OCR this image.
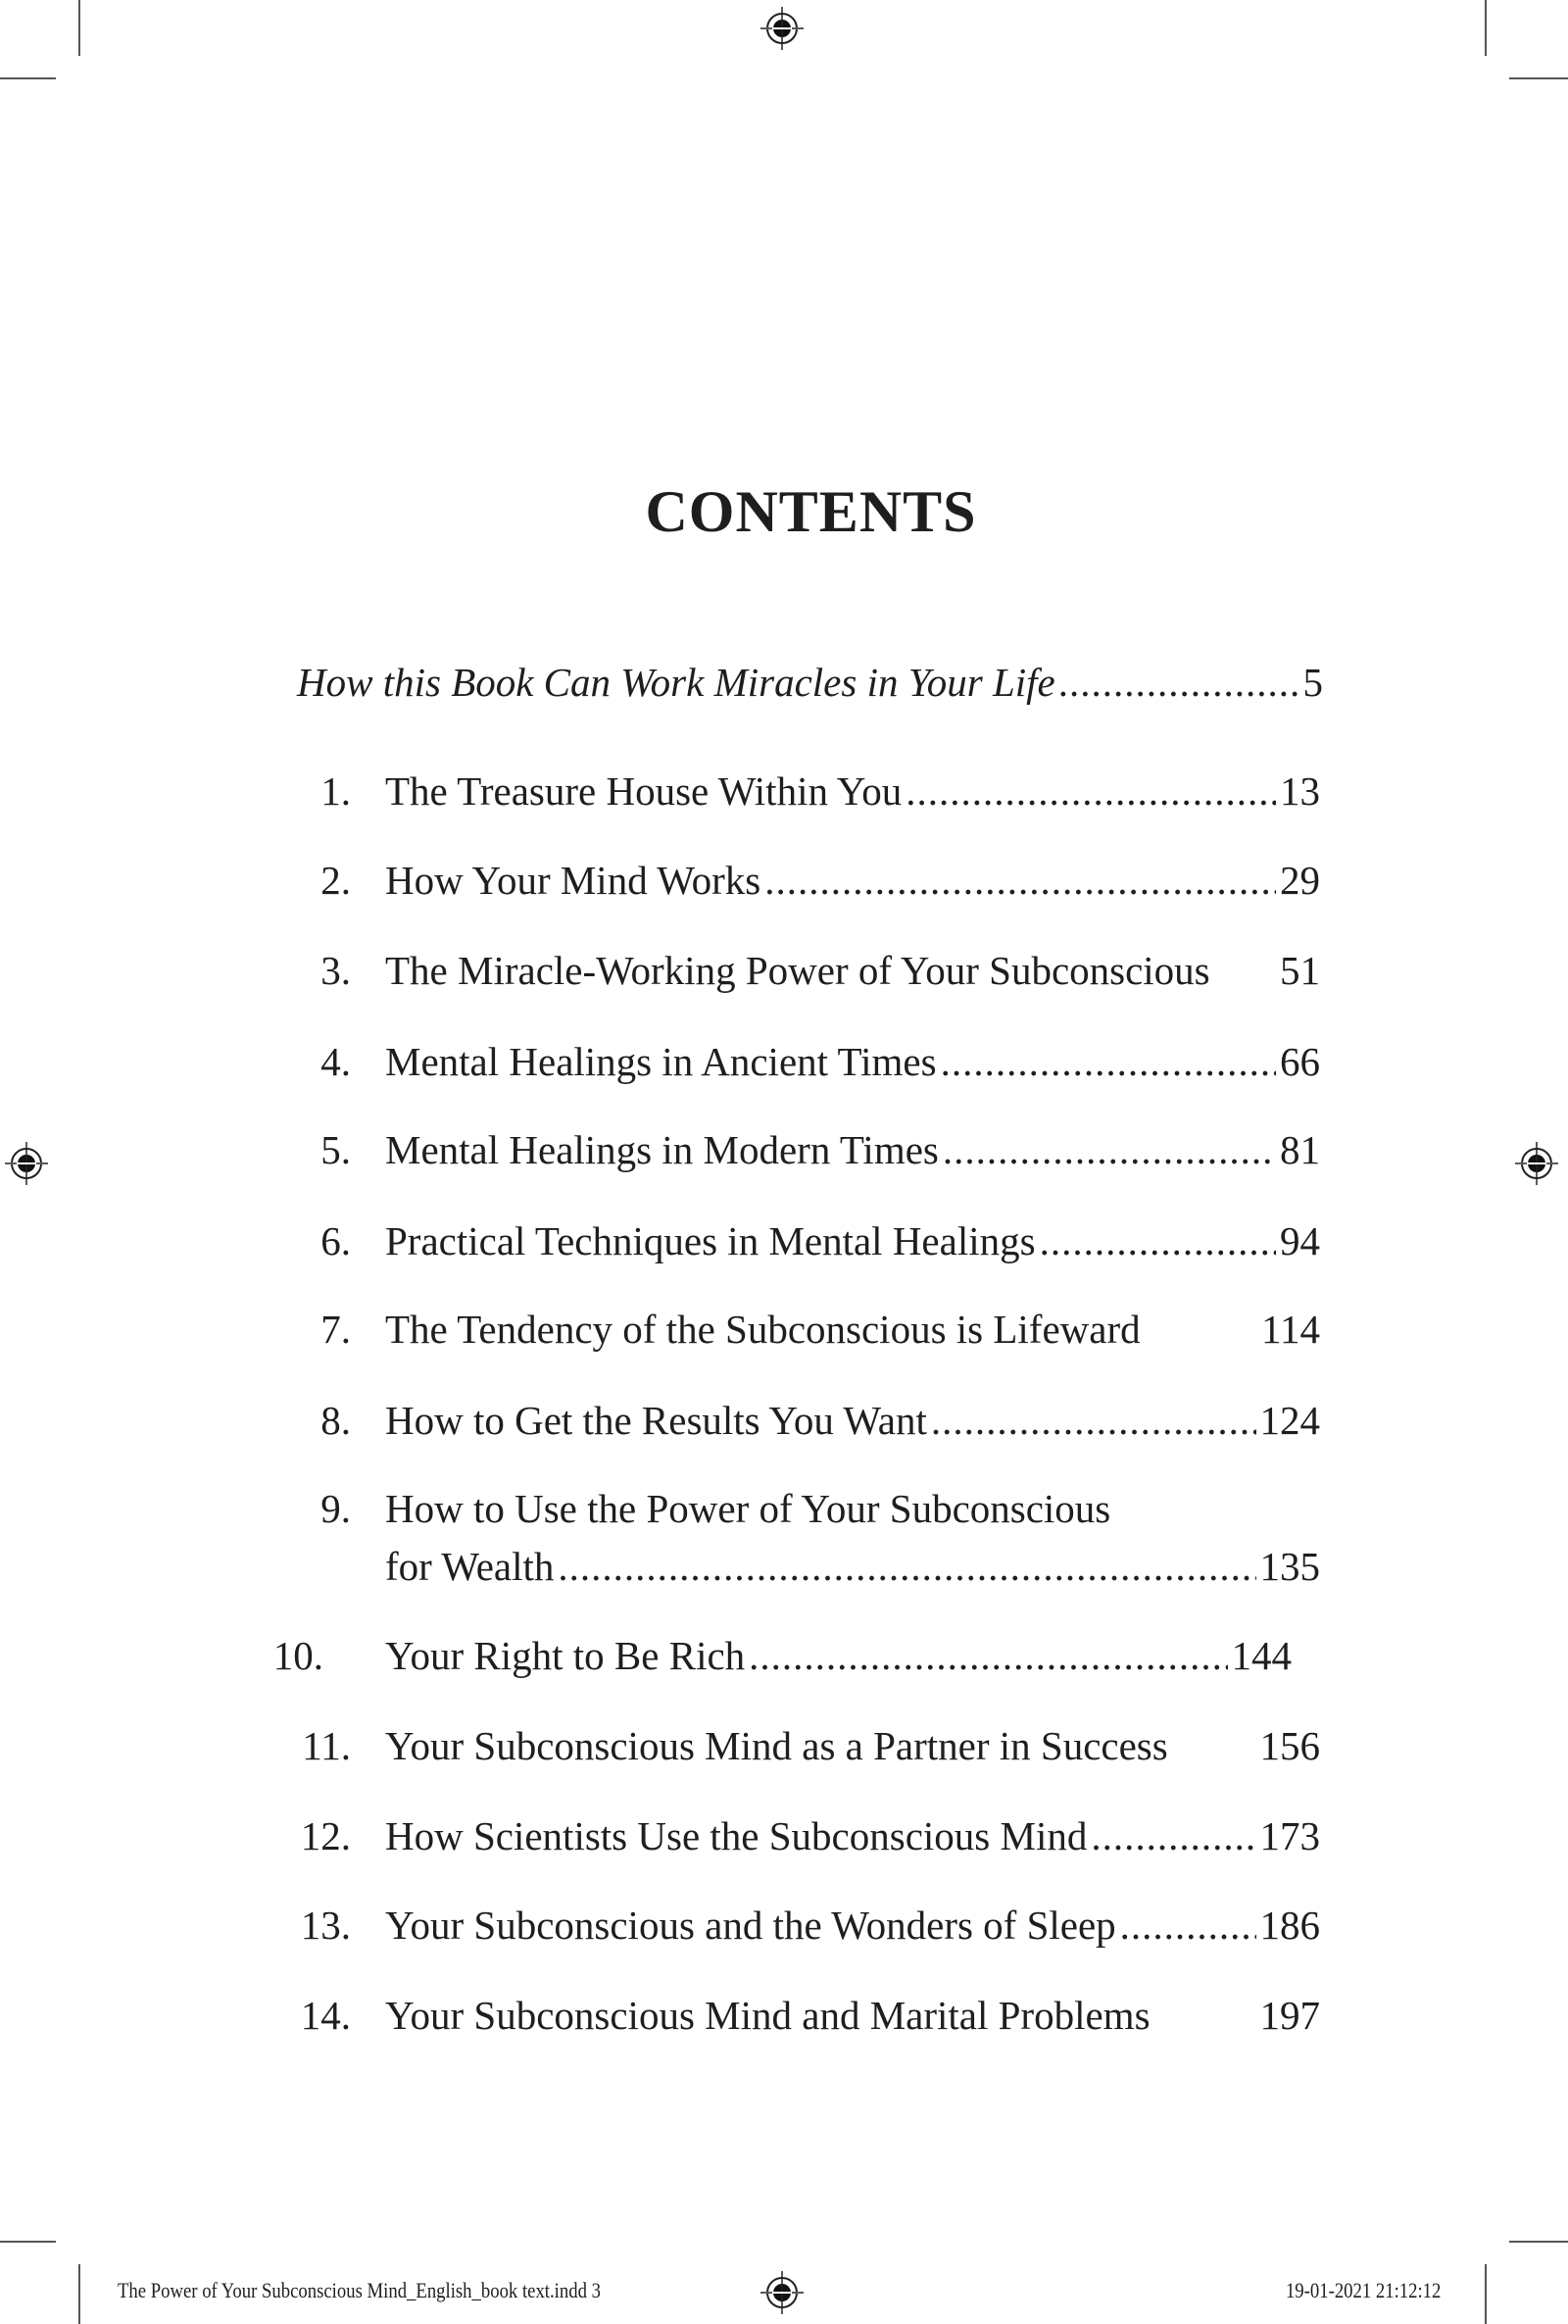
CONTENTS
How this Book Can Work Miracles in Your Life .....	5
1. The Treasure House Within You .....	13
2. How Your Mind Works .....	29
3. The Miracle-Working Power of Your Subconscious 51
4. Mental Healings in Ancient Times .....	66
5. Mental Healings in Modern Times .....	81
6. Practical Techniques in Mental Healings .....	94
7. The Tendency of the Subconscious is Lifeward	114
8. How to Get the Results You Want .....	124
9. How to Use the Power of Your Subconscious
for Wealth .....	135
10. Your Right to Be Rich .....	144
11. Your Subconscious Mind as a Partner in Success 156
12. How Scientists Use the Subconscious Mind .....	173
13. Your Subconscious and the Wonders of Sleep .....	186
14. Your Subconscious Mind and Marital Problems	197
The Power of Your Subconscious Mind_English_book text.indd 3	19-01-2021 21:12:12
